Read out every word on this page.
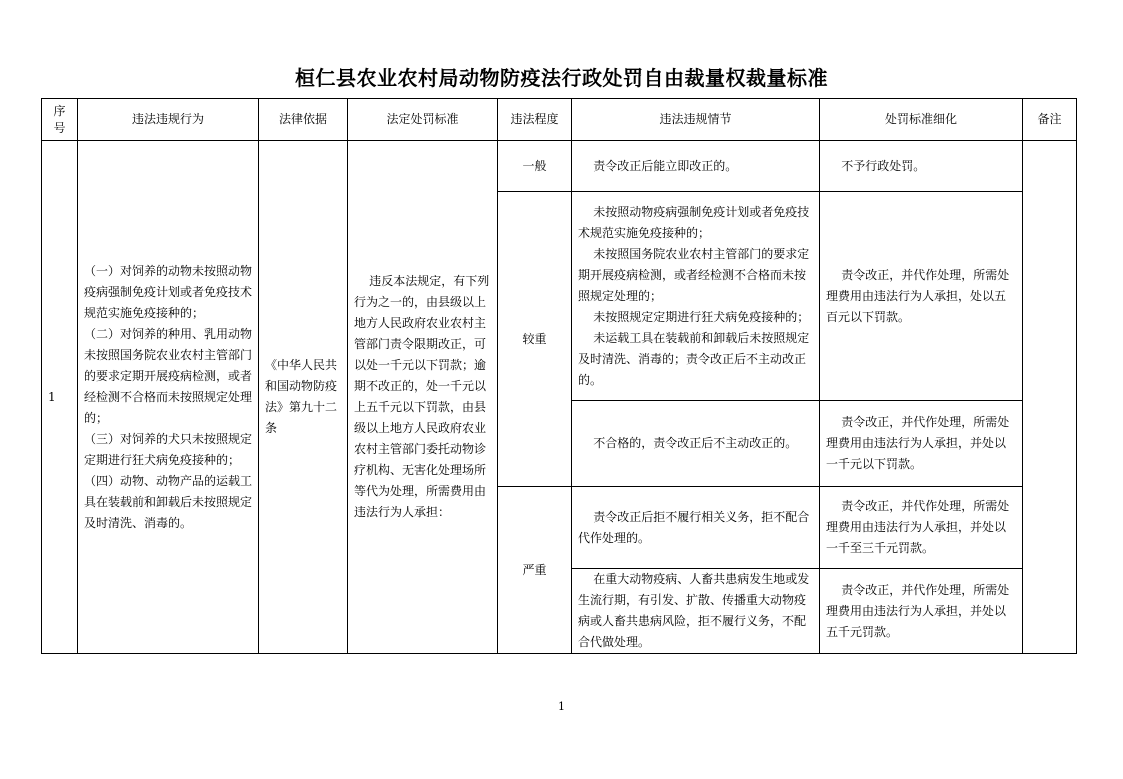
桓仁县农业农村局动物防疫法行政处罚自由裁量权裁量标准
序
号	违法违规行为	法律依据	法定处罚标准	违法程度	违法违规情节	处罚标准细化	备注
1	（一）对饲养的动物未按照动物疫病强制免疫计划或者免疫技术规范实施免疫接种的；
（二）对饲养的种用、乳用动物未按照国务院农业农村主管部门的要求定期开展疫病检测，或者经检测不合格而未按照规定处理的；
（三）对饲养的犬只未按照规定定期进行狂犬病免疫接种的；
（四）动物、动物产品的运载工具在装载前和卸载后未按照规定及时清洗、消毒的。	《中华人民共和国动物防疫法》第九十二条	违反本法规定，有下列行为之一的，由县级以上地方人民政府农业农村主管部门责令限期改正，可以处一千元以下罚款；逾期不改正的，处一千元以上五千元以下罚款，由县级以上地方人民政府农业农村主管部门委托动物诊疗机构、无害化处理场所等代为处理，所需费用由违法行为人承担：	一般	责令改正后能立即改正的。	不予行政处罚。	
				较重	未按照动物疫病强制免疫计划或者免疫技术规范实施免疫接种的；
未按照国务院农业农村主管部门的要求定期开展疫病检测，或者经检测不合格而未按照规定处理的；
未按照规定定期进行狂犬病免疫接种的；
未运载工具在装载前和卸载后未按照规定及时清洗、消毒的；责令改正后不主动改正的。	责令改正，并代作处理，所需处理费用由违法行为人承担，处以五百元以下罚款。	
					不合格的，责令改正后不主动改正的。	责令改正，并代作处理，所需处理费用由违法行为人承担，并处以一千元以下罚款。	
				严重	责令改正后拒不履行相关义务，拒不配合代作处理的。	责令改正，并代作处理，所需处理费用由违法行为人承担，并处以一千至三千元罚款。	
					在重大动物疫病、人畜共患病发生地或发生流行期，有引发、扩散、传播重大动物疫病或人畜共患病风险，拒不履行义务，不配合代做处理。	责令改正，并代作处理，所需处理费用由违法行为人承担，并处以五千元罚款。	
1
